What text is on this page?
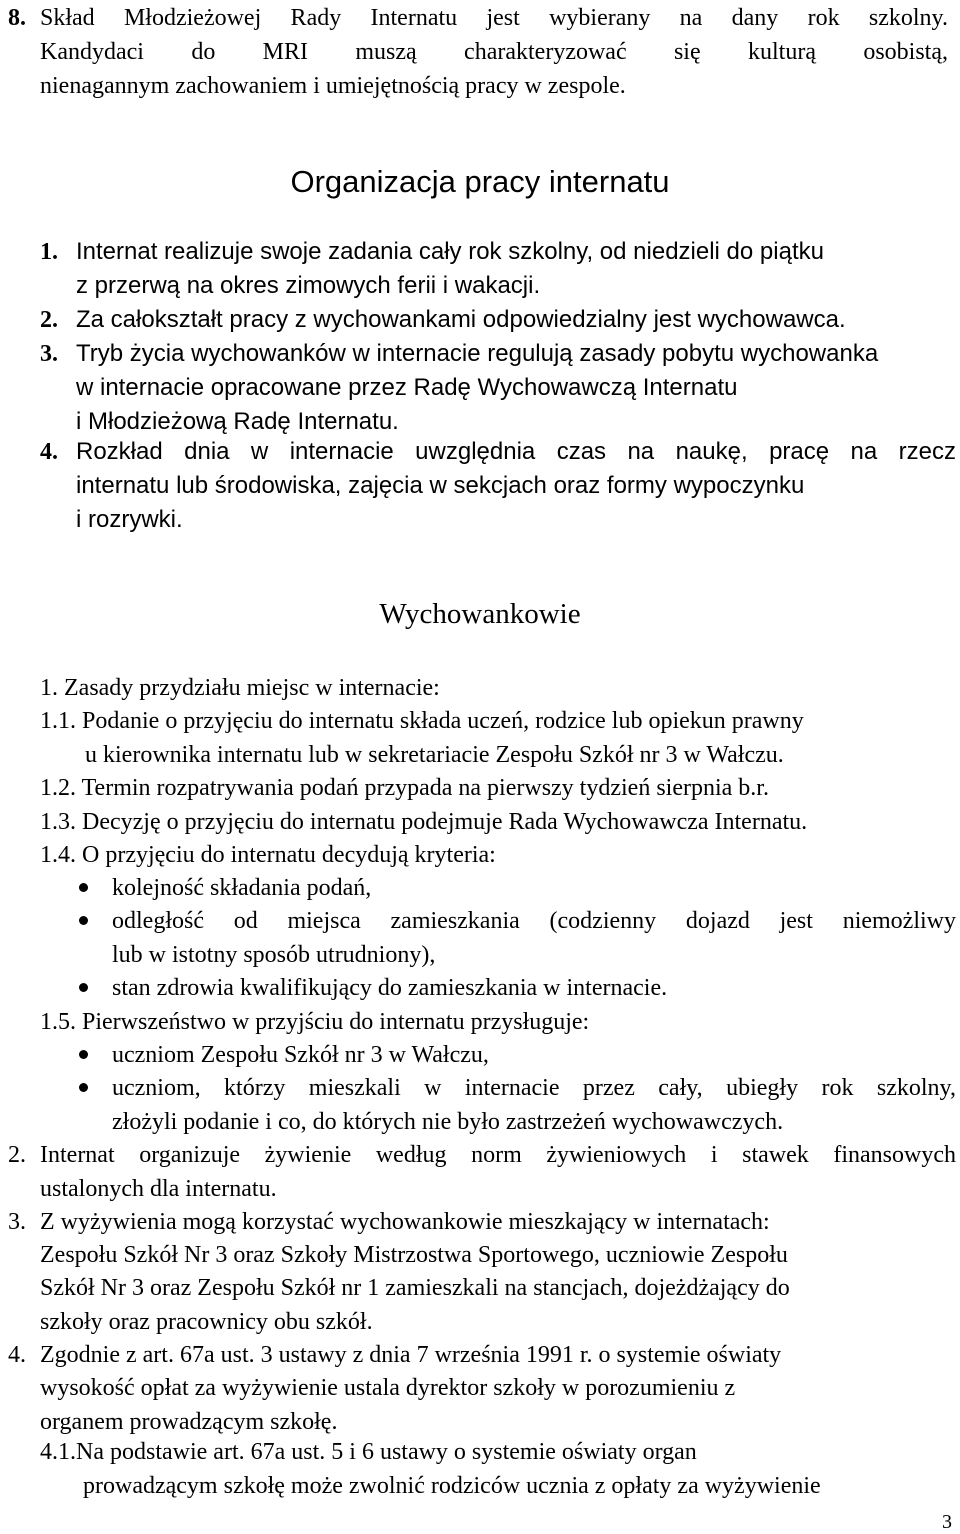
8. Skład Młodzieżowej Rady Internatu jest wybierany na dany rok szkolny.
Kandydaci do MRI muszą charakteryzować się kulturą osobistą,
nienagannym zachowaniem i umiejętnością pracy w zespole.
Organizacja pracy internatu
1. Internat realizuje swoje zadania cały rok szkolny, od niedzieli do piątku
z przerwą na okres zimowych ferii i wakacji.
2. Za całokształt pracy z wychowankami odpowiedzialny jest wychowawca.
3. Tryb życia wychowanków w internacie regulują zasady pobytu wychowanka
w internacie opracowane przez Radę Wychowawczą Internatu
i Młodzieżową Radę Internatu.
4. Rozkład dnia w internacie uwzględnia czas na naukę, pracę na rzecz
internatu lub środowiska, zajęcia w sekcjach oraz formy wypoczynku
i rozrywki.
Wychowankowie
1. Zasady przydziału miejsc w internacie:
1.1. Podanie o przyjęciu do internatu składa uczeń, rodzice lub opiekun prawny
u kierownika internatu lub w sekretariacie Zespołu Szkół nr 3 w Wałczu.
1.2. Termin rozpatrywania podań przypada na pierwszy tydzień sierpnia b.r.
1.3. Decyzję o przyjęciu do internatu podejmuje Rada Wychowawcza Internatu.
1.4. O przyjęciu do internatu decydują kryteria:
kolejność składania podań,
odległość od miejsca zamieszkania (codzienny dojazd jest niemożliwy
lub w istotny sposób utrudniony),
stan zdrowia kwalifikujący do zamieszkania w internacie.
1.5. Pierwszeństwo w przyjściu do internatu przysługuje:
uczniom Zespołu Szkół nr 3 w Wałczu,
uczniom, którzy mieszkali w internacie przez cały, ubiegły rok szkolny,
złożyli podanie i co, do których nie było zastrzeżeń wychowawczych.
2. Internat organizuje żywienie według norm żywieniowych i stawek finansowych
ustalonych dla internatu.
3. Z wyżywienia mogą korzystać wychowankowie mieszkający w internatach:
Zespołu Szkół Nr 3 oraz Szkoły Mistrzostwa Sportowego, uczniowie Zespołu
Szkół Nr 3 oraz Zespołu Szkół nr 1 zamieszkali na stancjach, dojeżdżający do
szkoły oraz pracownicy obu szkół.
4. Zgodnie z art. 67a ust. 3 ustawy z dnia 7 września 1991 r. o systemie oświaty
wysokość opłat za wyżywienie ustala dyrektor szkoły w porozumieniu z
organem prowadzącym szkołę.
4.1.Na podstawie art. 67a ust. 5 i 6 ustawy o systemie oświaty organ
prowadzącym szkołę może zwolnić rodziców ucznia z opłaty za wyżywienie
3
